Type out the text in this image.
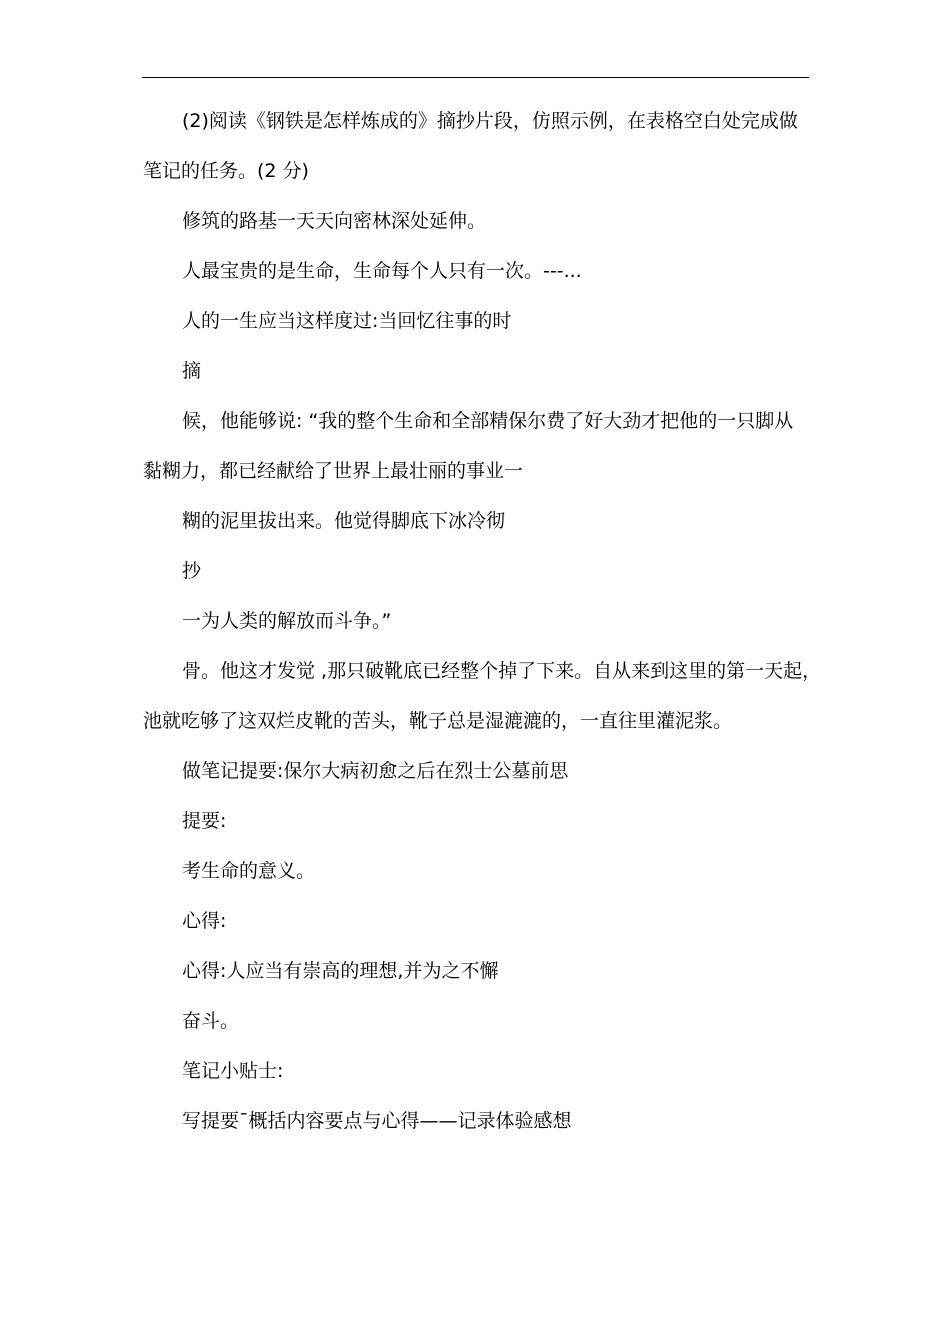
(2)阅读《钢铁是怎样炼成的》摘抄片段，仿照示例，在表格空白处完成做
笔记的任务。(2 分)
修筑的路基一天天向密林深处延伸。
人最宝贵的是生命，生命每个人只有一次。---...
人的一生应当这样度过:当回忆往事的时
摘
候，他能够说: “我的整个生命和全部精保尔费了好大劲才把他的一只脚从
黏糊力，都已经献给了世界上最壮丽的事业一
糊的泥里拔出来。他觉得脚底下冰冷彻
抄
一为人类的解放而斗争。”
骨。他这才发觉 ,那只破靴底已经整个掉了下来。自从来到这里的第一天起，
池就吃够了这双烂皮靴的苦头，靴子总是湿漉漉的，一直往里灌泥浆。
做笔记提要:保尔大病初愈之后在烈士公墓前思
提要:
考生命的意义。
心得:
心得:人应当有崇高的理想,并为之不懈
奋斗。
笔记小贴士:
写提要¯概括内容要点与心得——记录体验感想
